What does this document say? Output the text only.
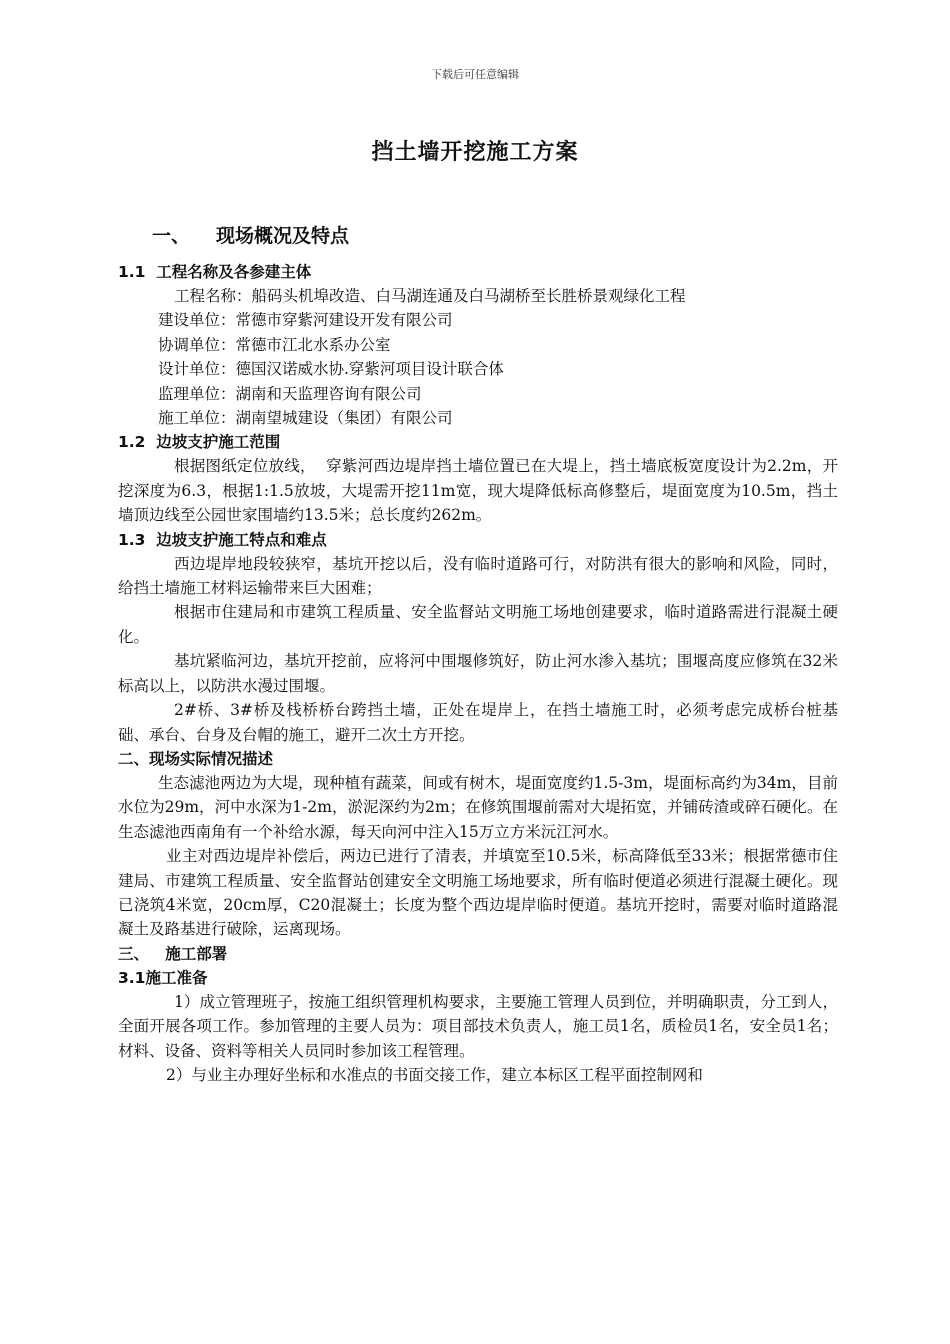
下载后可任意编辑
挡土墙开挖施工方案
一、 现场概况及特点

1.1  工程名称及各参建主体

工程名称：船码头机埠改造、白马湖连通及白马湖桥至长胜桥景观绿化工程

建设单位：常德市穿紫河建设开发有限公司

协调单位：常德市江北水系办公室

设计单位：德国汉诺威水协.穿紫河项目设计联合体

监理单位：湖南和天监理咨询有限公司

施工单位：湖南望城建设（集团）有限公司

1.2  边坡支护施工范围

根据图纸定位放线，  穿紫河西边堤岸挡土墙位置已在大堤上，挡土墙底板宽度设计为2.2m，开挖深度为6.3，根据1:1.5放坡，大堤需开挖11m宽，现大堤降低标高修整后，堤面宽度为10.5m，挡土墙顶边线至公园世家围墙约13.5米；总长度约262m。

1.3  边坡支护施工特点和难点

西边堤岸地段较狭窄，基坑开挖以后，没有临时道路可行，对防洪有很大的影响和风险，同时，给挡土墙施工材料运输带来巨大困难；

根据市住建局和市建筑工程质量、安全监督站文明施工场地创建要求，临时道路需进行混凝土硬化。

基坑紧临河边，基坑开挖前，应将河中围堰修筑好，防止河水渗入基坑；围堰高度应修筑在32米标高以上，以防洪水漫过围堰。

2#桥、3#桥及栈桥桥台跨挡土墙，正处在堤岸上，在挡土墙施工时，必须考虑完成桥台桩基础、承台、台身及台帽的施工，避开二次土方开挖。

二、现场实际情况描述

生态滤池两边为大堤，现种植有蔬菜，间或有树木，堤面宽度约1.5-3m，堤面标高约为34m，目前水位为29m，河中水深为1-2m，淤泥深约为2m；在修筑围堰前需对大堤拓宽，并铺砖渣或碎石硬化。在生态滤池西南角有一个补给水源，每天向河中注入15万立方米沅江河水。

业主对西边堤岸补偿后，两边已进行了清表，并填宽至10.5米，标高降低至33米；根据常德市住建局、市建筑工程质量、安全监督站创建安全文明施工场地要求，所有临时便道必须进行混凝土硬化。现已浇筑4米宽，20cm厚，C20混凝土；长度为整个西边堤岸临时便道。基坑开挖时，需要对临时道路混凝土及路基进行破除，运离现场。

三、   施工部署

3.1施工准备

1）成立管理班子，按施工组织管理机构要求，主要施工管理人员到位，并明确职责，分工到人，全面开展各项工作。参加管理的主要人员为：项目部技术负责人，施工员1名，质检员1名，安全员1名；材料、设备、资料等相关人员同时参加该工程管理。

2）与业主办理好坐标和水准点的书面交接工作，建立本标区工程平面控制网和
